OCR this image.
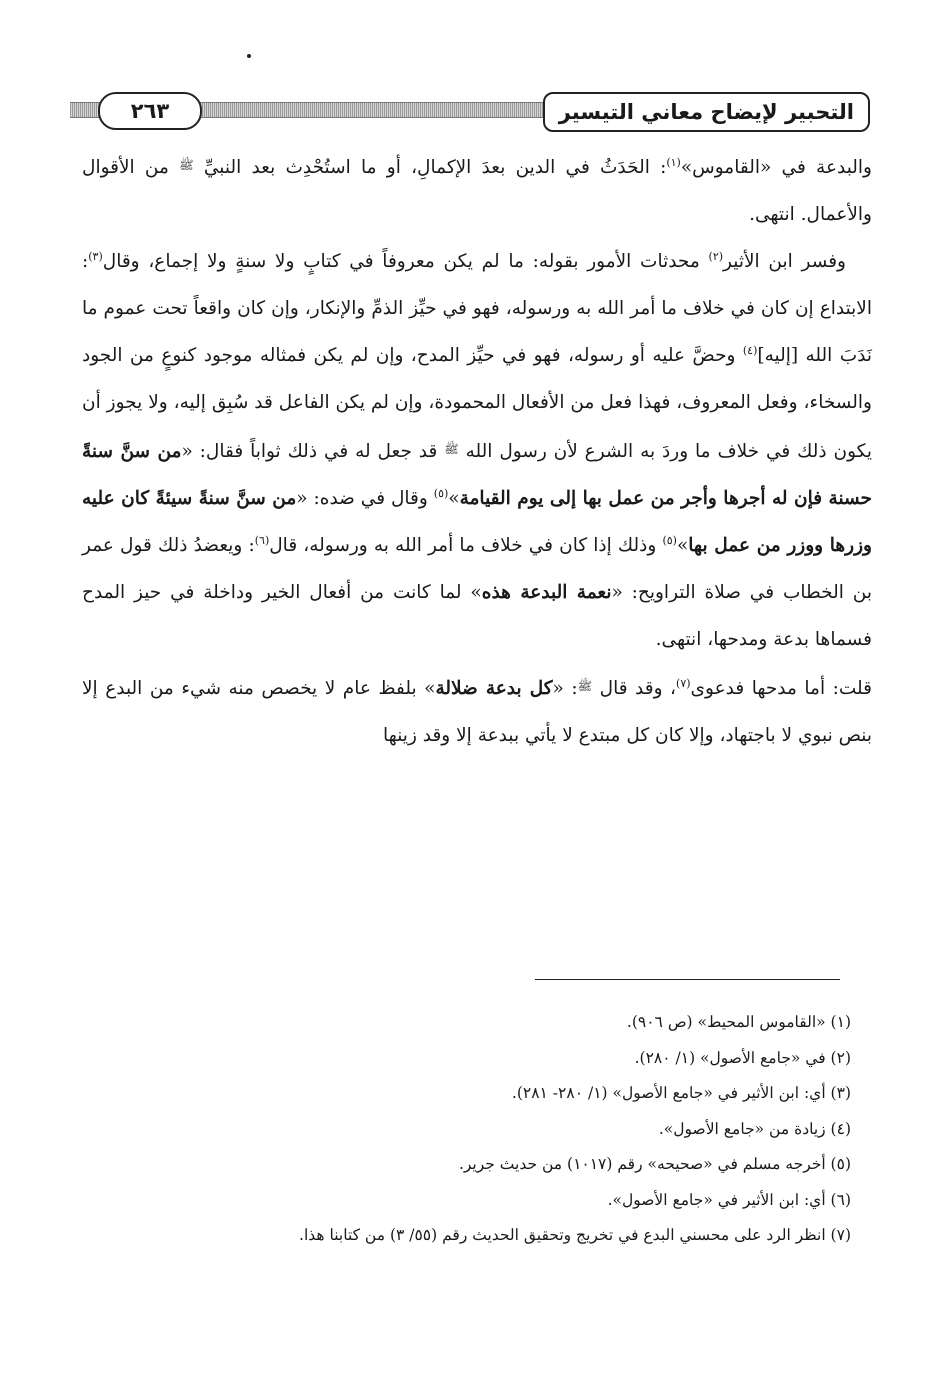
التحبير لإيضاح معاني التيسير
٢٦٣

والبدعة في «القاموس»$^{(١)}$: الحَدَثُ في الدين بعدَ الإكمالِ، أو ما استُحْدِث بعد النبيِّ $^ﷺ$ من الأقوال والأعمال. انتهى.

وفسر ابن الأثير$^{(٢)}$ محدثات الأمور بقوله: ما لم يكن معروفاً في كتابٍ ولا سنةٍ ولا إجماع، وقال$^{(٣)}$: الابتداع إن كان في خلاف ما أمر الله به ورسوله، فهو في حيِّز الذمِّ والإنكار، وإن كان واقعاً تحت عموم ما نَدَبَ الله [إليه]$^{(٤)}$ وحضَّ عليه أو رسوله، فهو في حيِّز المدح، وإن لم يكن فمثاله موجود كنوعٍ من الجود والسخاء، وفعل المعروف، فهذا فعل من الأفعال المحمودة، وإن لم يكن الفاعل قد سُبِق إليه، ولا يجوز أن يكون ذلك في خلاف ما وردَ به الشرع لأن رسول الله $^ﷺ$ قد جعل له في ذلك ثواباً فقال: «من سنَّ سنةً حسنة فإن له أجرها وأجر من عمل بها إلى يوم القيامة»$^{(٥)}$ وقال في ضده: «من سنَّ سنةً سيئةً كان عليه وزرها ووزر من عمل بها»$^{(٥)}$ وذلك إذا كان في خلاف ما أمر الله به ورسوله، قال$^{(٦)}$: ويعضدُ ذلك قول عمر بن الخطاب في صلاة التراويح: «نعمة البدعة هذه» لما كانت من أفعال الخير وداخلة في حيز المدح فسماها بدعة ومدحها، انتهى.

قلت: أما مدحها فدعوى$^{(٧)}$، وقد قال $^ﷺ$: «كل بدعة ضلالة» بلفظ عام لا يخصص منه شيء من البدع إلا بنص نبوي لا باجتهاد، وإلا كان كل مبتدع لا يأتي ببدعة إلا وقد زينها

(١) «القاموس المحيط» (ص ٩٠٦).
(٢) في «جامع الأصول» (١/ ٢٨٠).
(٣) أي: ابن الأثير في «جامع الأصول» (١/ ٢٨٠- ٢٨١).
(٤) زيادة من «جامع الأصول».
(٥) أخرجه مسلم في «صحيحه» رقم (١٠١٧) من حديث جرير.
(٦) أي: ابن الأثير في «جامع الأصول».
(٧) انظر الرد على محسني البدع في تخريج وتحقيق الحديث رقم (٥٥/ ٣) من كتابنا هذا.
